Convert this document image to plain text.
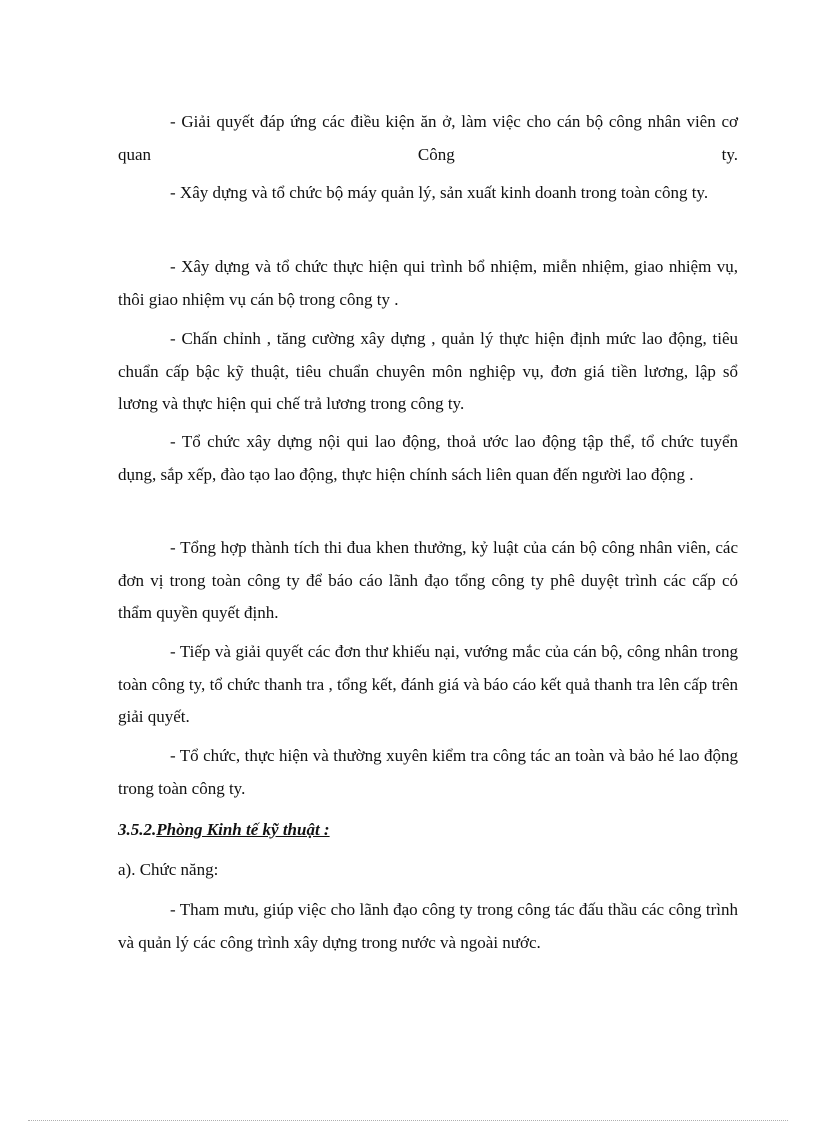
- Giải quyết đáp ứng các điều kiện ăn ở, làm việc cho cán bộ công nhân viên cơ quan Công ty.

- Xây dựng và tổ chức bộ máy quản lý, sản xuất kinh doanh trong toàn công ty.

- Xây dựng và tổ chức thực hiện qui trình bổ nhiệm, miễn nhiệm, giao nhiệm vụ, thôi giao nhiệm vụ cán bộ trong công ty .

- Chấn chỉnh , tăng cường xây dựng , quản lý thực hiện định mức lao động, tiêu chuẩn cấp bậc kỹ thuật, tiêu chuẩn chuyên môn nghiệp vụ, đơn giá tiền lương, lập sổ lương và thực hiện qui chế trả lương trong công ty.

- Tổ chức xây dựng nội qui lao động, thoả ước lao động tập thể, tổ chức tuyển dụng, sắp xếp, đào tạo lao động, thực hiện chính sách liên quan đến người lao động .

- Tổng hợp thành tích thi đua khen thưởng, kỷ luật của cán bộ công nhân viên, các đơn vị trong toàn công ty để báo cáo lãnh đạo tổng công ty phê duyệt trình các cấp có thẩm quyền quyết định.

- Tiếp và giải quyết các đơn thư khiếu nại, vướng mắc của cán bộ, công nhân trong toàn công ty, tổ chức thanh tra , tổng kết, đánh giá và báo cáo kết quả thanh tra lên cấp trên giải quyết.

- Tổ chức, thực hiện và thường xuyên kiểm tra công tác an toàn và bảo hé lao động trong toàn công ty.

3.5.2.Phòng Kinh tế kỹ thuật :

a). Chức năng:

- Tham mưu, giúp việc cho lãnh đạo công ty trong công tác đấu thầu các công trình và quản lý các công trình xây dựng trong nước và ngoài nước.
